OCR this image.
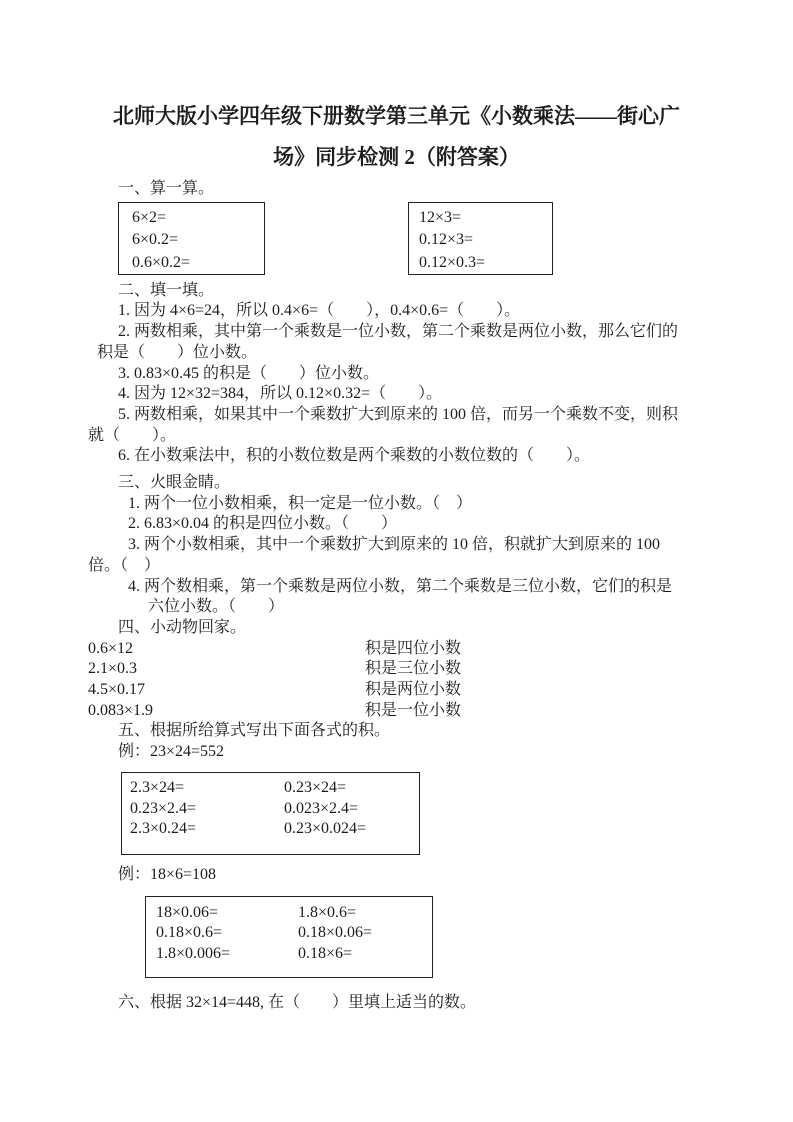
北师大版小学四年级下册数学第三单元《小数乘法——街心广
场》同步检测 2（附答案）
一、算一算。
6×2=
6×0.2=
0.6×0.2=
12×3=
0.12×3=
0.12×0.3=
二、填一填。
1. 因为 4×6=24，所以 0.4×6=（　　），0.4×0.6=（　　）。
2. 两数相乘，其中第一个乘数是一位小数，第二个乘数是两位小数，那么它们的
积是（　　）位小数。
3. 0.83×0.45 的积是（　　）位小数。
4. 因为 12×32=384，所以 0.12×0.32=（　　）。
5. 两数相乘，如果其中一个乘数扩大到原来的 100 倍，而另一个乘数不变，则积
就（　　）。
6. 在小数乘法中，积的小数位数是两个乘数的小数位数的（　　）。
三、火眼金睛。
1. 两个一位小数相乘，积一定是一位小数。（　）
2. 6.83×0.04 的积是四位小数。（　　）
3. 两个小数相乘，其中一个乘数扩大到原来的 10 倍，积就扩大到原来的 100
倍。（　）
4. 两个数相乘，第一个乘数是两位小数，第二个乘数是三位小数，它们的积是
六位小数。（　　）
四、小动物回家。
0.6×12	积是四位小数
2.1×0.3	积是三位小数
4.5×0.17	积是两位小数
0.083×1.9	积是一位小数
五、根据所给算式写出下面各式的积。
例：23×24=552
2.3×24=	0.23×24=
0.23×2.4=	0.023×2.4=
2.3×0.24=	0.23×0.024=
例：18×6=108
18×0.06=	1.8×0.6=
0.18×0.6=	0.18×0.06=
1.8×0.006=	0.18×6=
六、根据 32×14=448, 在（　　）里填上适当的数。
